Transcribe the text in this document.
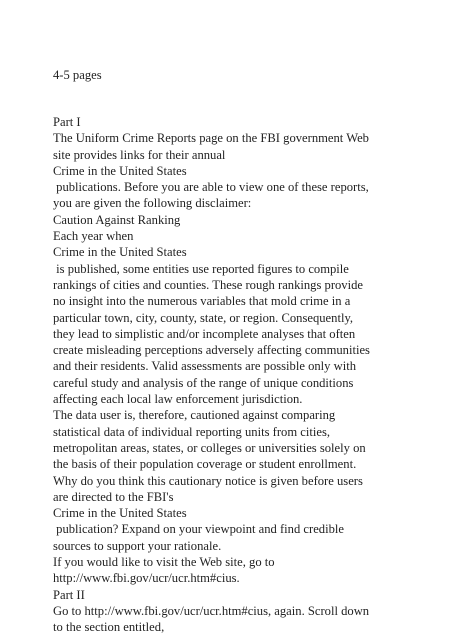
4-5 pages
Part I
The Uniform Crime Reports page on the FBI government Web
site provides links for their annual
Crime in the United States
publications. Before you are able to view one of these reports,
you are given the following disclaimer:
Caution Against Ranking
Each year when
Crime in the United States
is published, some entities use reported figures to compile
rankings of cities and counties. These rough rankings provide
no insight into the numerous variables that mold crime in a
particular town, city, county, state, or region. Consequently,
they lead to simplistic and/or incomplete analyses that often
create misleading perceptions adversely affecting communities
and their residents. Valid assessments are possible only with
careful study and analysis of the range of unique conditions
affecting each local law enforcement jurisdiction.
The data user is, therefore, cautioned against comparing
statistical data of individual reporting units from cities,
metropolitan areas, states, or colleges or universities solely on
the basis of their population coverage or student enrollment.
Why do you think this cautionary notice is given before users
are directed to the FBI's
Crime in the United States
publication? Expand on your viewpoint and find credible
sources to support your rationale.
If you would like to visit the Web site, go to
http://www.fbi.gov/ucr/ucr.htm#cius.
Part II
Go to http://www.fbi.gov/ucr/ucr.htm#cius, again. Scroll down
to the section entitled,
